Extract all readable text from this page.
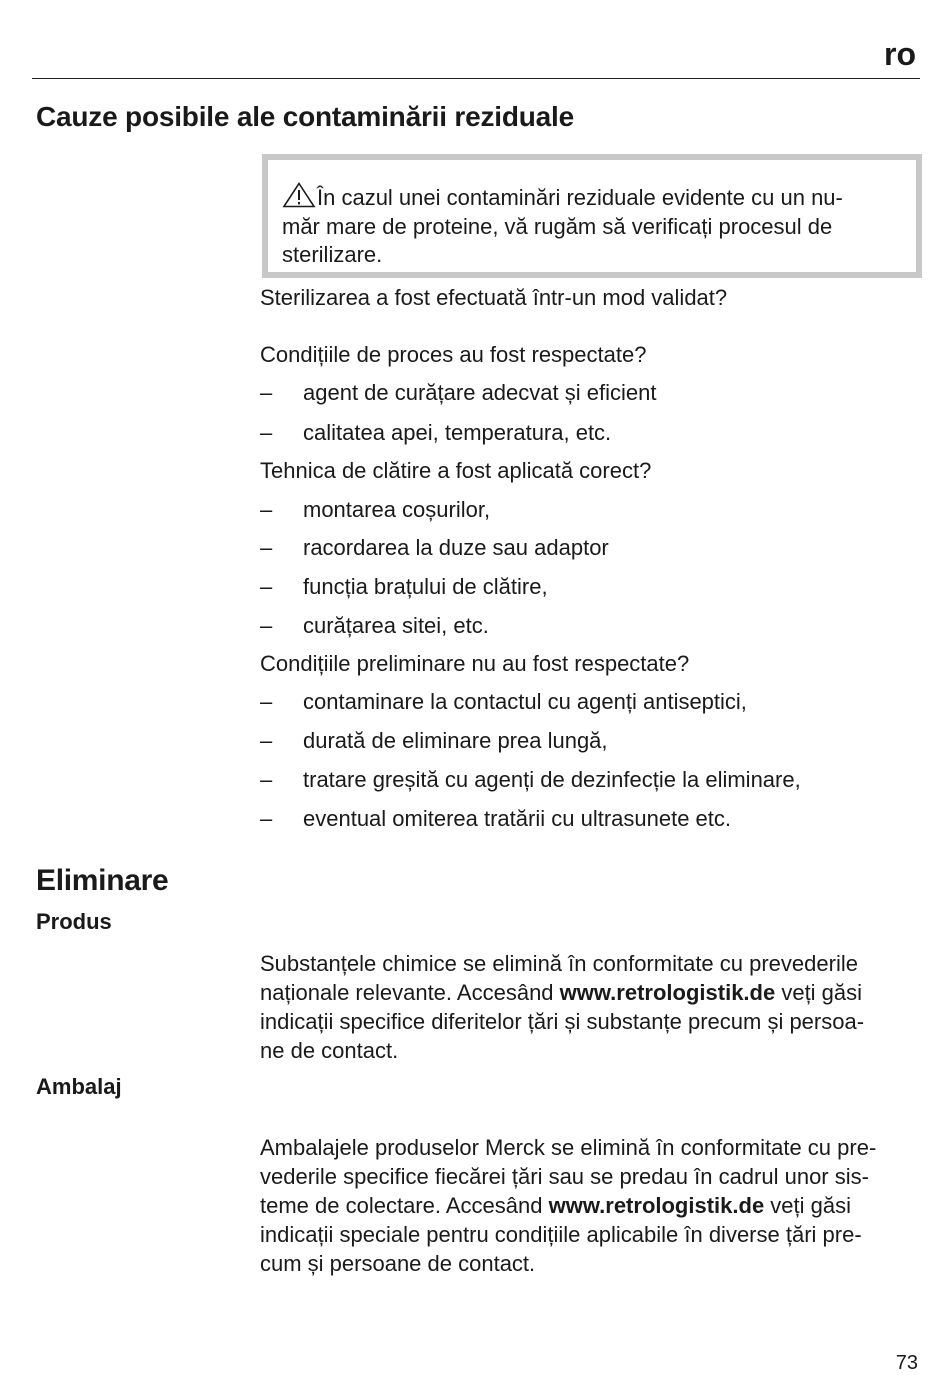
ro
Cauze posibile ale contaminării reziduale
În cazul unei contaminări reziduale evidente cu un nu-
măr mare de proteine, vă rugăm să verificați procesul de
sterilizare.
Sterilizarea a fost efectuată într-un mod validat?
Condițiile de proces au fost respectate?
– agent de curățare adecvat și eficient
– calitatea apei, temperatura, etc.
Tehnica de clătire a fost aplicată corect?
– montarea coșurilor,
– racordarea la duze sau adaptor
– funcția brațului de clătire,
– curățarea sitei, etc.
Condițiile preliminare nu au fost respectate?
– contaminare la contactul cu agenți antiseptici,
– durată de eliminare prea lungă,
– tratare greșită cu agenți de dezinfecție la eliminare,
– eventual omiterea tratării cu ultrasunete etc.
Eliminare
Produs
Substanțele chimice se elimină în conformitate cu prevederile
naționale relevante. Accesând www.retrologistik.de veți găsi
indicații specifice diferitelor țări și substanțe precum și persoa-
ne de contact.
Ambalaj
Ambalajele produselor Merck se elimină în conformitate cu pre-
vederile specifice fiecărei țări sau se predau în cadrul unor sis-
teme de colectare. Accesând www.retrologistik.de veți găsi
indicații speciale pentru condițiile aplicabile în diverse țări pre-
cum și persoane de contact.
73
